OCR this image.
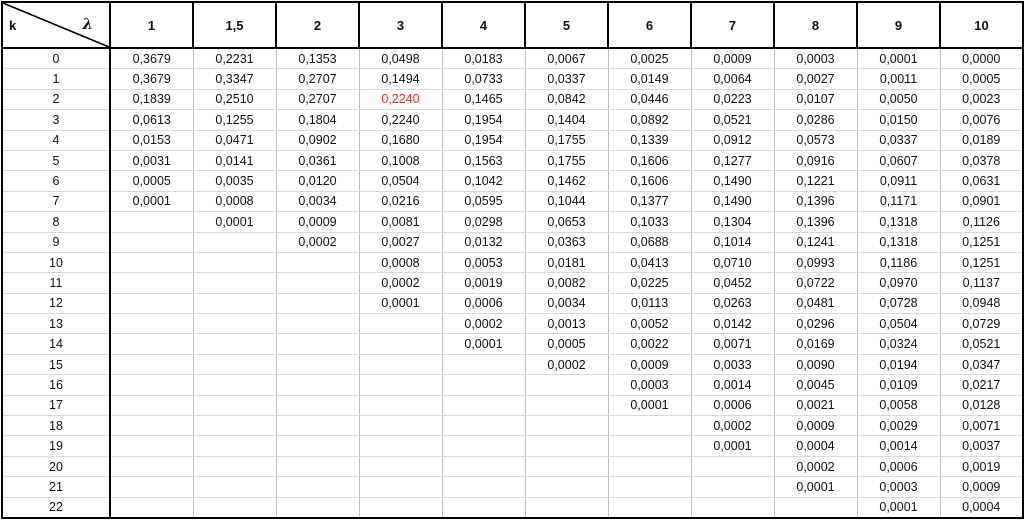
k λ	1	1,5	2	3	4	5	6	7	8	9	10
0	0,3679	0,2231	0,1353	0,0498	0,0183	0,0067	0,0025	0,0009	0,0003	0,0001	0,0000
1	0,3679	0,3347	0,2707	0,1494	0,0733	0,0337	0,0149	0,0064	0,0027	0,0011	0,0005
2	0,1839	0,2510	0,2707	0,2240	0,1465	0,0842	0,0446	0,0223	0,0107	0,0050	0,0023
3	0,0613	0,1255	0,1804	0,2240	0,1954	0,1404	0,0892	0,0521	0,0286	0,0150	0,0076
4	0,0153	0,0471	0,0902	0,1680	0,1954	0,1755	0,1339	0,0912	0,0573	0,0337	0,0189
5	0,0031	0,0141	0,0361	0,1008	0,1563	0,1755	0,1606	0,1277	0,0916	0,0607	0,0378
6	0,0005	0,0035	0,0120	0,0504	0,1042	0,1462	0,1606	0,1490	0,1221	0,0911	0,0631
7	0,0001	0,0008	0,0034	0,0216	0,0595	0,1044	0,1377	0,1490	0,1396	0,1171	0,0901
8		0,0001	0,0009	0,0081	0,0298	0,0653	0,1033	0,1304	0,1396	0,1318	0,1126
9			0,0002	0,0027	0,0132	0,0363	0,0688	0,1014	0,1241	0,1318	0,1251
10				0,0008	0,0053	0,0181	0,0413	0,0710	0,0993	0,1186	0,1251
11				0,0002	0,0019	0,0082	0,0225	0,0452	0,0722	0,0970	0,1137
12				0,0001	0,0006	0,0034	0,0113	0,0263	0,0481	0,0728	0,0948
13					0,0002	0,0013	0,0052	0,0142	0,0296	0,0504	0,0729
14					0,0001	0,0005	0,0022	0,0071	0,0169	0,0324	0,0521
15						0,0002	0,0009	0,0033	0,0090	0,0194	0,0347
16							0,0003	0,0014	0,0045	0,0109	0,0217
17							0,0001	0,0006	0,0021	0,0058	0,0128
18								0,0002	0,0009	0,0029	0,0071
19								0,0001	0,0004	0,0014	0,0037
20									0,0002	0,0006	0,0019
21									0,0001	0,0003	0,0009
22										0,0001	0,0004
